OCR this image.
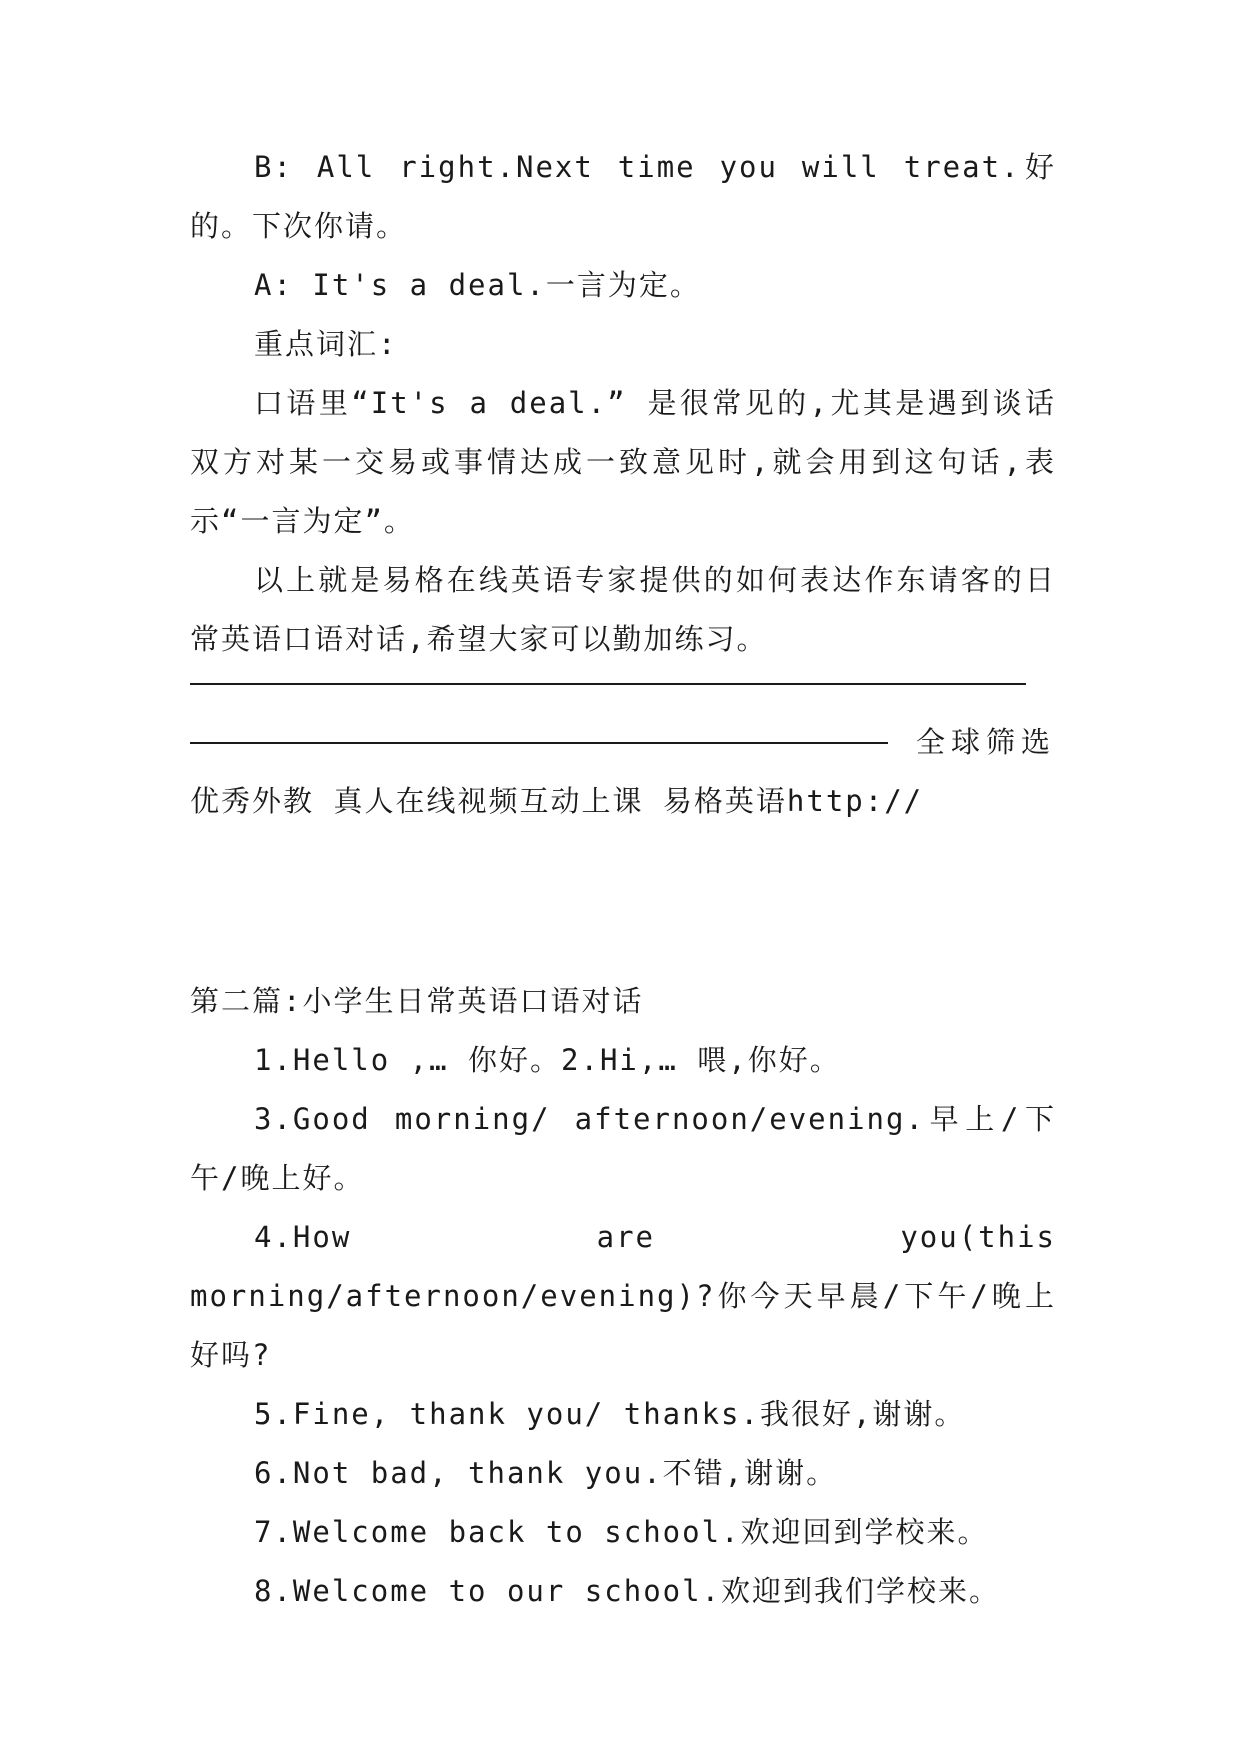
B: All right.Next time you will treat.好的。下次你请。

A: It's a deal.一言为定。

重点词汇:

口语里“It's a deal.” 是很常见的,尤其是遇到谈话双方对某一交易或事情达成一致意见时,就会用到这句话,表示“一言为定”。

以上就是易格在线英语专家提供的如何表达作东请客的日常英语口语对话,希望大家可以勤加练习。

全球筛选

优秀外教 真人在线视频互动上课 易格英语http://

第二篇:小学生日常英语口语对话

1.Hello ,… 你好。2.Hi,… 喂,你好。

3.Good morning/ afternoon/evening.早上/下午/晚上好。

4.How are you(this morning/afternoon/evening)?你今天早晨/下午/晚上好吗?

5.Fine, thank you/ thanks.我很好,谢谢。

6.Not bad, thank you.不错,谢谢。

7.Welcome back to school.欢迎回到学校来。

8.Welcome to our school.欢迎到我们学校来。
